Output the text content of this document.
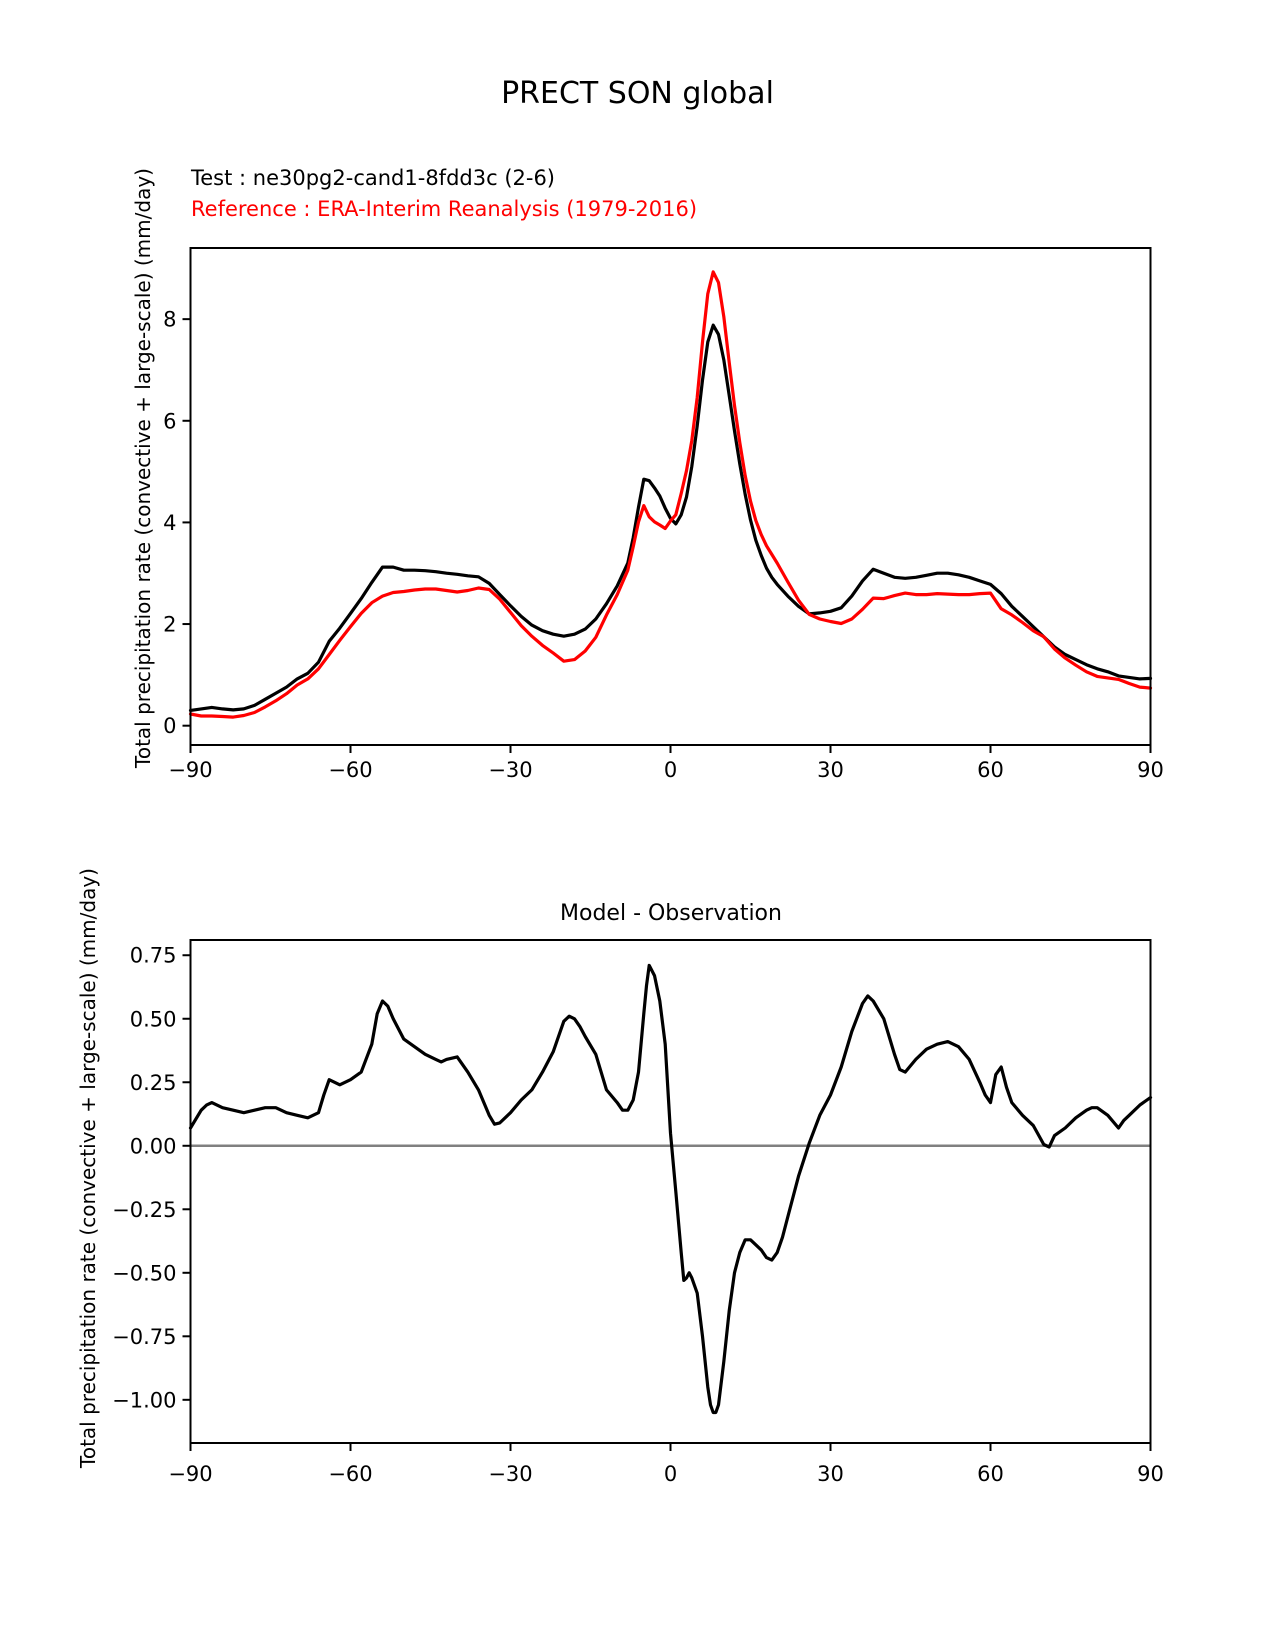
PRECT SON global
Test : ne30pg2-cand1-8fdd3c (2-6)
Reference : ERA-Interim Reanalysis (1979-2016)
Total precipitation rate (convective + large-scale) (mm/day)
Total precipitation rate (convective + large-scale) (mm/day)	Model - Observation
−90	−60	−30	0	30	60	90
0
2
4
6
8
−90	−60	−30	0	30	60	90
0.75
0.50
0.25
0.00
−0.25
−0.50
−0.75
−1.00
